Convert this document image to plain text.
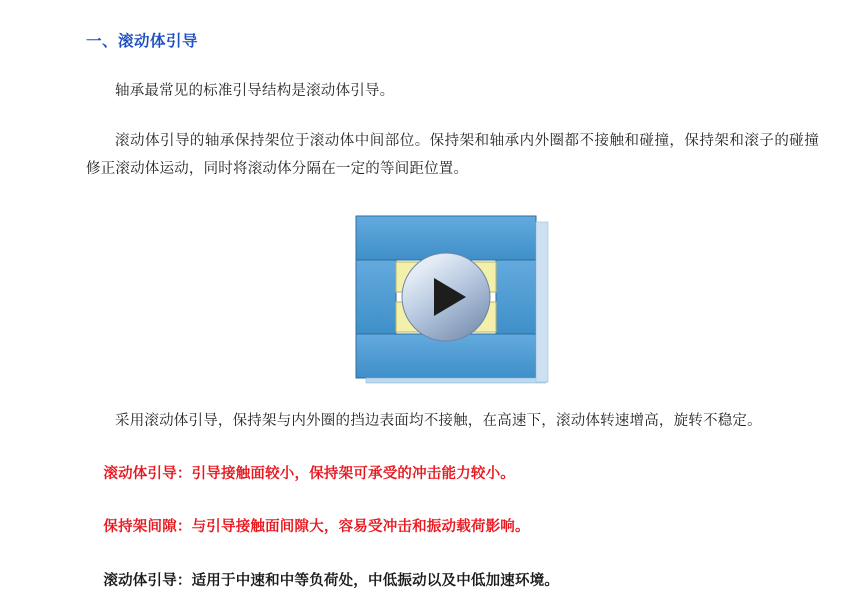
一、滚动体引导

轴承最常见的标准引导结构是滚动体引导。

滚动体引导的轴承保持架位于滚动体中间部位。保持架和轴承内外圈都不接触和碰撞，保持架和滚子的碰撞修正滚动体运动，同时将滚动体分隔在一定的等间距位置。

采用滚动体引导，保持架与内外圈的挡边表面均不接触，在高速下，滚动体转速增高，旋转不稳定。

滚动体引导：引导接触面较小，保持架可承受的冲击能力较小。

保持架间隙：与引导接触面间隙大，容易受冲击和振动载荷影响。

滚动体引导：适用于中速和中等负荷处，中低振动以及中低加速环境。
